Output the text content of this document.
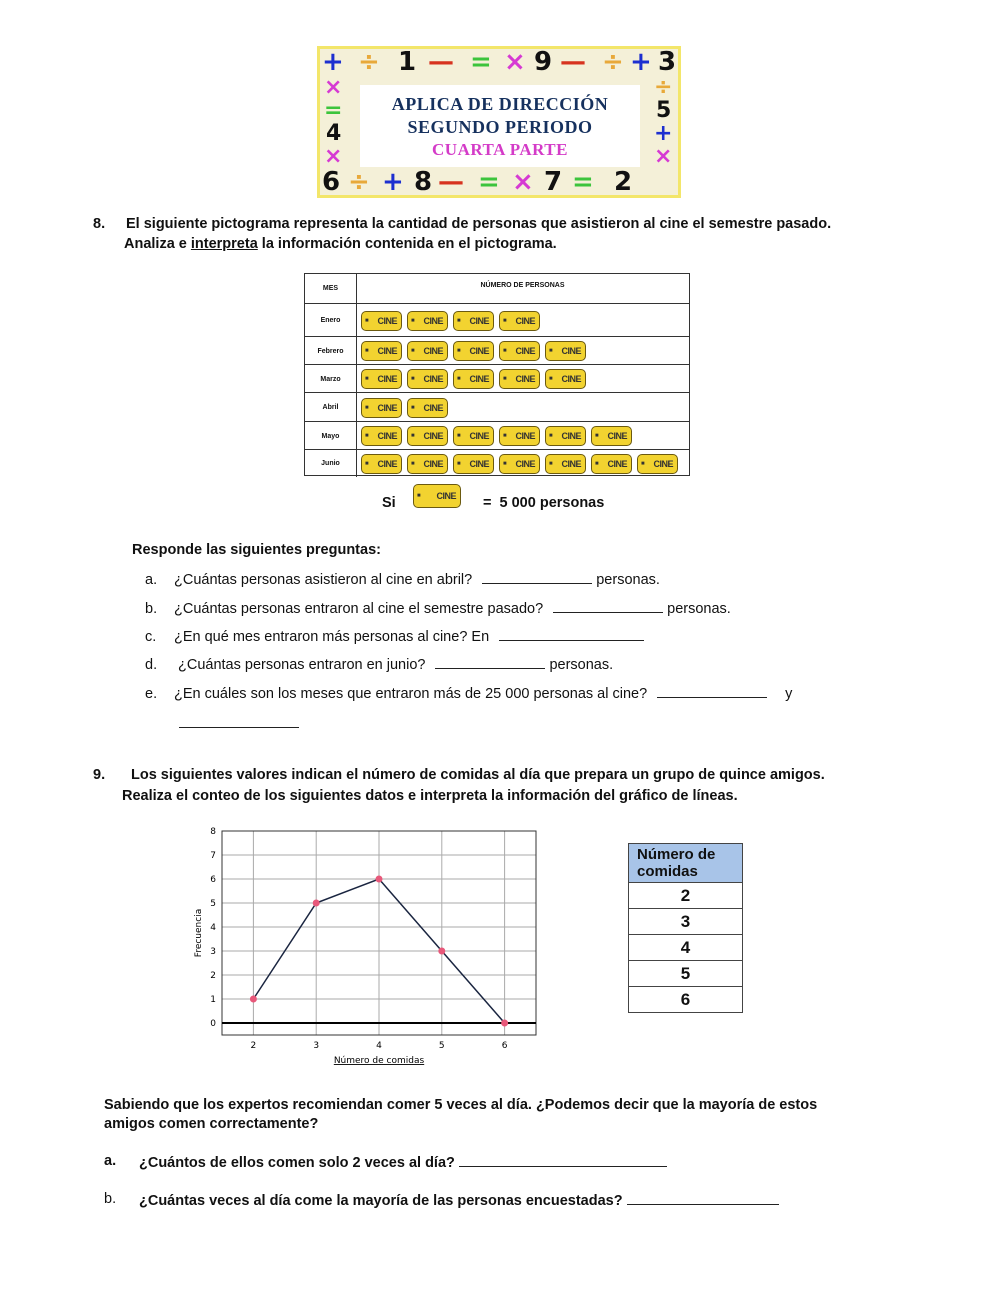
+ ÷ 1 — = × 9 — ÷ + 3
×
=
4
×
÷
5
+
×
6 ÷ + 8 — = × 7 = 2
APLICA DE DIRECCIÓN
SEGUNDO PERIODO
CUARTA PARTE
8. El siguiente pictograma representa la cantidad de personas que asistieron al cine el semestre pasado.
Analiza e interpreta la información contenida en el pictograma.
MES	NÚMERO DE PERSONAS
Enero	■ CINE	■ CINE	■ CINE	■ CINE
Febrero	■ CINE	■ CINE	■ CINE	■ CINE	■ CINE
Marzo	■ CINE	■ CINE	■ CINE	■ CINE	■ CINE
Abril	■ CINE	■ CINE
Mayo	■ CINE	■ CINE	■ CINE	■ CINE	■ CINE	■ CINE
Junio	■ CINE	■ CINE	■ CINE	■ CINE	■ CINE	■ CINE	■ CINE
Si	■ CINE =  5 000 personas
Responde las siguientes preguntas:
a. ¿Cuántas personas asistieron al cine en abril?	personas.
b. ¿Cuántas personas entraron al cine el semestre pasado?	personas.
c. ¿En qué mes entraron más personas al cine? En
d. ¿Cuántas personas entraron en junio?	personas.
e. ¿En cuáles son los meses que entraron más de 25 000 personas al cine?	y
9. Los siguientes valores indican el número de comidas al día que prepara un grupo de quince amigos.
Realiza el conteo de los siguientes datos e interpreta la información del gráfico de líneas.
0
1
2
3
4
5
6
7
8
2	3	4	5	6
Número de comidas
Frecuencia
Número de comidas
2
3
4
5
6
Sabiendo que los expertos recomiendan comer 5 veces al día. ¿Podemos decir que la mayoría de estos
amigos comen correctamente?
a. ¿Cuántos de ellos comen solo 2 veces al día?
b. ¿Cuántas veces al día come la mayoría de las personas encuestadas?
